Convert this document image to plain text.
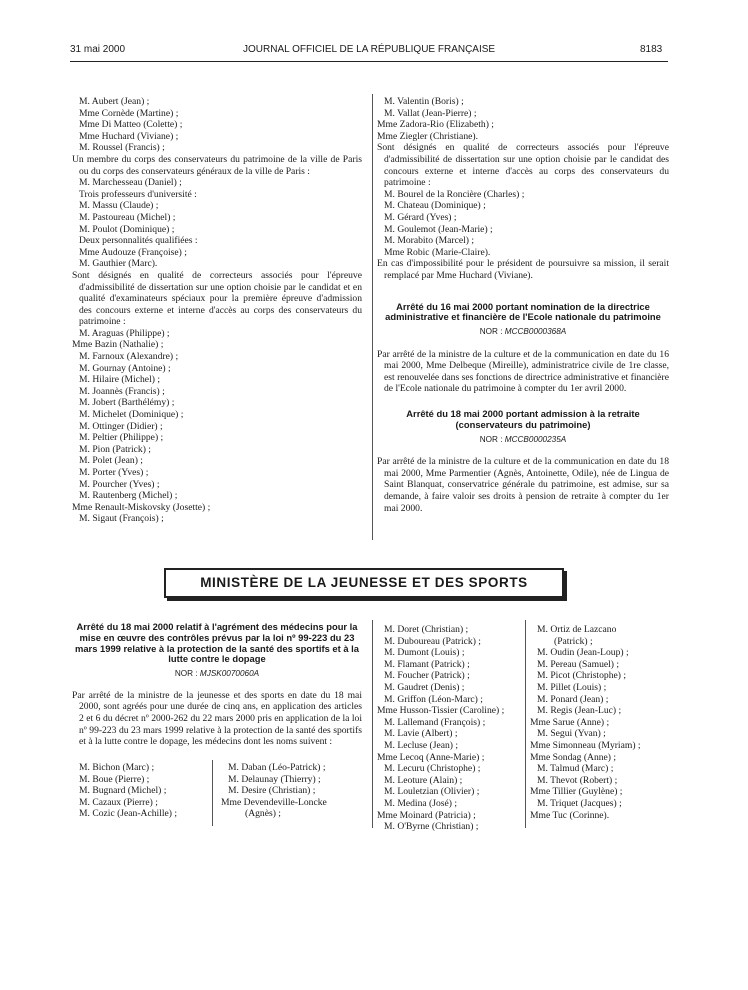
31 mai 2000	JOURNAL OFFICIEL DE LA RÉPUBLIQUE FRANÇAISE	8183

M. Aubert (Jean) ;

Mme Cornède (Martine) ;

Mme Di Matteo (Colette) ;

Mme Huchard (Viviane) ;

M. Roussel (Francis) ;

Un membre du corps des conservateurs du patrimoine de la ville de Paris ou du corps des conservateurs généraux de la ville de Paris :

M. Marchesseau (Daniel) ;

Trois professeurs d'université :

M. Massu (Claude) ;

M. Pastoureau (Michel) ;

M. Poulot (Dominique) ;

Deux personnalités qualifiées :

Mme Audouze (Françoise) ;

M. Gauthier (Marc).

Sont désignés en qualité de correcteurs associés pour l'épreuve d'admissibilité de dissertation sur une option choisie par le candidat et en qualité d'examinateurs spéciaux pour la première épreuve d'admission des concours externe et interne d'accès au corps des conservateurs du patrimoine :

M. Araguas (Philippe) ;

Mme Bazin (Nathalie) ;

M. Farnoux (Alexandre) ;

M. Gournay (Antoine) ;

M. Hilaire (Michel) ;

M. Joannès (Francis) ;

M. Jobert (Barthélémy) ;

M. Michelet (Dominique) ;

M. Ottinger (Didier) ;

M. Peltier (Philippe) ;

M. Pion (Patrick) ;

M. Polet (Jean) ;

M. Porter (Yves) ;

M. Pourcher (Yves) ;

M. Rautenberg (Michel) ;

Mme Renault-Miskovsky (Josette) ;

M. Sigaut (François) ;

M. Valentin (Boris) ;

M. Vallat (Jean-Pierre) ;

Mme Zadora-Rio (Elizabeth) ;

Mme Ziegler (Christiane).

Sont désignés en qualité de correcteurs associés pour l'épreuve d'admissibilité de dissertation sur une option choisie par le candidat des concours externe et interne d'accès au corps des conservateurs du patrimoine :

M. Bourel de la Roncière (Charles) ;

M. Chateau (Dominique) ;

M. Gérard (Yves) ;

M. Goulemot (Jean-Marie) ;

M. Morabito (Marcel) ;

Mme Robic (Marie-Claire).

En cas d'impossibilité pour le président de poursuivre sa mission, il serait remplacé par Mme Huchard (Viviane).

Arrêté du 16 mai 2000 portant nomination de la directrice administrative et financière de l'Ecole nationale du patrimoine
NOR : MCCB0000368A

Par arrêté de la ministre de la culture et de la communication en date du 16 mai 2000, Mme Delbeque (Mireille), administratrice civile de 1re classe, est renouvelée dans ses fonctions de directrice administrative et financière de l'Ecole nationale du patrimoine à compter du 1er avril 2000.

Arrêté du 18 mai 2000 portant admission à la retraite (conservateurs du patrimoine)
NOR : MCCB0000235A

Par arrêté de la ministre de la culture et de la communication en date du 18 mai 2000, Mme Parmentier (Agnès, Antoinette, Odile), née de Lingua de Saint Blanquat, conservatrice générale du patrimoine, est admise, sur sa demande, à faire valoir ses droits à pension de retraite à compter du 1er mai 2000.

MINISTÈRE DE LA JEUNESSE ET DES SPORTS
Arrêté du 18 mai 2000 relatif à l'agrément des médecins pour la mise en œuvre des contrôles prévus par la loi nº 99-223 du 23 mars 1999 relative à la protection de la santé des sportifs et à la lutte contre le dopage
NOR : MJSK0070060A

Par arrêté de la ministre de la jeunesse et des sports en date du 18 mai 2000, sont agréés pour une durée de cinq ans, en application des articles 2 et 6 du décret nº 2000-262 du 22 mars 2000 pris en application de la loi nº 99-223 du 23 mars 1999 relative à la protection de la santé des sportifs et à la lutte contre le dopage, les médecins dont les noms suivent :

M. Bichon (Marc) ;

M. Boue (Pierre) ;

M. Bugnard (Michel) ;

M. Cazaux (Pierre) ;

M. Cozic (Jean-Achille) ;

M. Daban (Léo-Patrick) ;

M. Delaunay (Thierry) ;

M. Desire (Christian) ;

Mme Devendeville-Loncke

(Agnès) ;

M. Doret (Christian) ;

M. Duboureau (Patrick) ;

M. Dumont (Louis) ;

M. Flamant (Patrick) ;

M. Foucher (Patrick) ;

M. Gaudret (Denis) ;

M. Griffon (Léon-Marc) ;

Mme Husson-Tissier (Caroline) ;

M. Lallemand (François) ;

M. Lavie (Albert) ;

M. Lecluse (Jean) ;

Mme Lecoq (Anne-Marie) ;

M. Lecuru (Christophe) ;

M. Leoture (Alain) ;

M. Louletzian (Olivier) ;

M. Medina (José) ;

Mme Moinard (Patricia) ;

M. O'Byrne (Christian) ;

M. Ortiz de Lazcano

(Patrick) ;

M. Oudin (Jean-Loup) ;

M. Pereau (Samuel) ;

M. Picot (Christophe) ;

M. Pillet (Louis) ;

M. Ponard (Jean) ;

M. Regis (Jean-Luc) ;

Mme Sarue (Anne) ;

M. Segui (Yvan) ;

Mme Simonneau (Myriam) ;

Mme Sondag (Anne) ;

M. Talmud (Marc) ;

M. Thevot (Robert) ;

Mme Tillier (Guylène) ;

M. Triquet (Jacques) ;

Mme Tuc (Corinne).
